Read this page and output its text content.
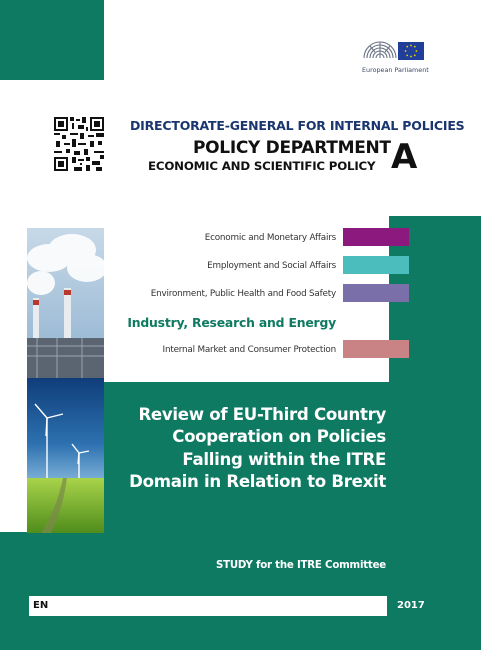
European Parliament
DIRECTORATE-GENERAL FOR INTERNAL POLICIES
POLICY DEPARTMENT
ECONOMIC AND SCIENTIFIC POLICY A
Economic and Monetary Affairs
Employment and Social Affairs
Environment, Public Health and Food Safety
Industry, Research and Energy
Internal Market and Consumer Protection
Review of EU-Third Country
Cooperation on Policies
Falling within the ITRE
Domain in Relation to Brexit
STUDY for the ITRE Committee
EN	2017
